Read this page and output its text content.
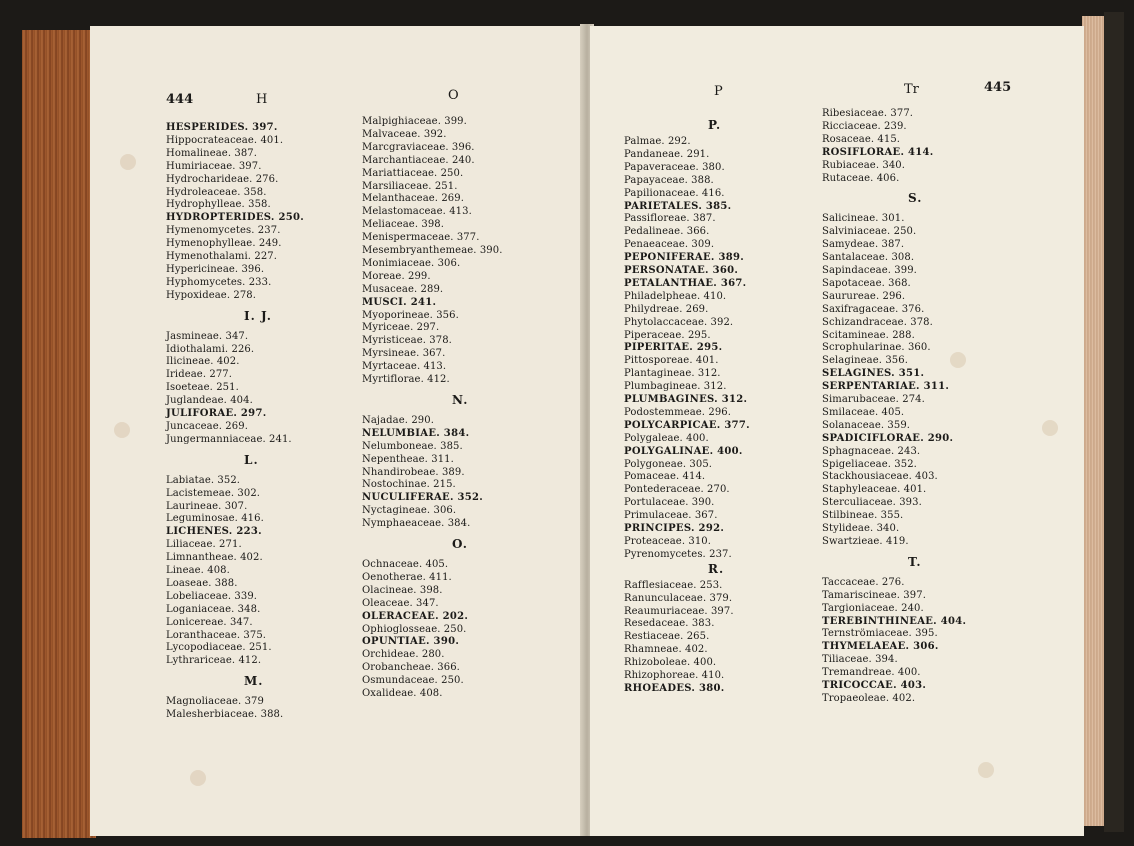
444	H	O
HESPERIDES. 397.
Hippocrateaceae. 401.
Homalineae. 387.
Humiriaceae. 397.
Hydrocharideae. 276.
Hydroleaceae. 358.
Hydrophylleae. 358.
HYDROPTERIDES. 250.
Hymenomycetes. 237.
Hymenophylleae. 249.
Hymenothalami. 227.
Hypericineae. 396.
Hyphomycetes. 233.
Hypoxideae. 278.
I. J.
Jasmineae. 347.
Idiothalami. 226.
Ilicineae. 402.
Irideae. 277.
Isoeteae. 251.
Juglandeae. 404.
JULIFORAE. 297.
Juncaceae. 269.
Jungermanniaceae. 241.
L.
Labiatae. 352.
Lacistemeae. 302.
Laurineae. 307.
Leguminosae. 416.
LICHENES. 223.
Liliaceae. 271.
Limnantheae. 402.
Lineae. 408.
Loaseae. 388.
Lobeliaceae. 339.
Loganiaceae. 348.
Lonicereae. 347.
Loranthaceae. 375.
Lycopodiaceae. 251.
Lythrariceae. 412.
M.
Magnoliaceae. 379
Malesherbiaceae. 388.
Malpighiaceae. 399.
Malvaceae. 392.
Marcgraviaceae. 396.
Marchantiaceae. 240.
Mariattiaceae. 250.
Marsiliaceae. 251.
Melanthaceae. 269.
Melastomaceae. 413.
Meliaceae. 398.
Menispermaceae. 377.
Mesembryanthemeae. 390.
Monimiaceae. 306.
Moreae. 299.
Musaceae. 289.
MUSCI. 241.
Myoporineae. 356.
Myriceae. 297.
Myristiceae. 378.
Myrsineae. 367.
Myrtaceae. 413.
Myrtiflorae. 412.
N.
Najadae. 290.
NELUMBIAE. 384.
Nelumboneae. 385.
Nepentheae. 311.
Nhandirobeae. 389.
Nostochinae. 215.
NUCULIFERAE. 352.
Nyctagineae. 306.
Nymphaeaceae. 384.
O.
Ochnaceae. 405.
Oenotherae. 411.
Olacineae. 398.
Oleaceae. 347.
OLERACEAE. 202.
Ophioglosseae. 250.
OPUNTIAE. 390.
Orchideae. 280.
Orobancheae. 366.
Osmundaceae. 250.
Oxalideae. 408.
P	Tr	445
P.
Palmae. 292.
Pandaneae. 291.
Papaveraceae. 380.
Papayaceae. 388.
Papilionaceae. 416.
PARIETALES. 385.
Passifloreae. 387.
Pedalineae. 366.
Penaeaceae. 309.
PEPONIFERAE. 389.
PERSONATAE. 360.
PETALANTHAE. 367.
Philadelpheae. 410.
Philydreae. 269.
Phytolaccaceae. 392.
Piperaceae. 295.
PIPERITAE. 295.
Pittosporeae. 401.
Plantagineae. 312.
Plumbagineae. 312.
PLUMBAGINES. 312.
Podostemmeae. 296.
POLYCARPICAE. 377.
Polygaleae. 400.
POLYGALINAE. 400.
Polygoneae. 305.
Pomaceae. 414.
Pontederaceae. 270.
Portulaceae. 390.
Primulaceae. 367.
PRINCIPES. 292.
Proteaceae. 310.
Pyrenomycetes. 237.
R.
Rafflesiaceae. 253.
Ranunculaceae. 379.
Reaumuriaceae. 397.
Resedaceae. 383.
Restiaceae. 265.
Rhamneae. 402.
Rhizoboleae. 400.
Rhizophoreae. 410.
RHOEADES. 380.
Ribesiaceae. 377.
Ricciaceae. 239.
Rosaceae. 415.
ROSIFLORAE. 414.
Rubiaceae. 340.
Rutaceae. 406.
S.
Salicineae. 301.
Salviniaceae. 250.
Samydeae. 387.
Santalaceae. 308.
Sapindaceae. 399.
Sapotaceae. 368.
Saurureae. 296.
Saxifragaceae. 376.
Schizandraceae. 378.
Scitamineae. 288.
Scrophularinae. 360.
Selagineae. 356.
SELAGINES. 351.
SERPENTARIAE. 311.
Simarubaceae. 274.
Smilaceae. 405.
Solanaceae. 359.
SPADICIFLORAE. 290.
Sphagnaceae. 243.
Spigeliaceae. 352.
Stackhousiaceae. 403.
Staphyleaceae. 401.
Sterculiaceae. 393.
Stilbineae. 355.
Stylideae. 340.
Swartzieae. 419.
T.
Taccaceae. 276.
Tamariscineae. 397.
Targioniaceae. 240.
TEREBINTHINEAE. 404.
Ternströmiaceae. 395.
THYMELAEAE. 306.
Tiliaceae. 394.
Tremandreae. 400.
TRICOCCAE. 403.
Tropaeoleae. 402.
